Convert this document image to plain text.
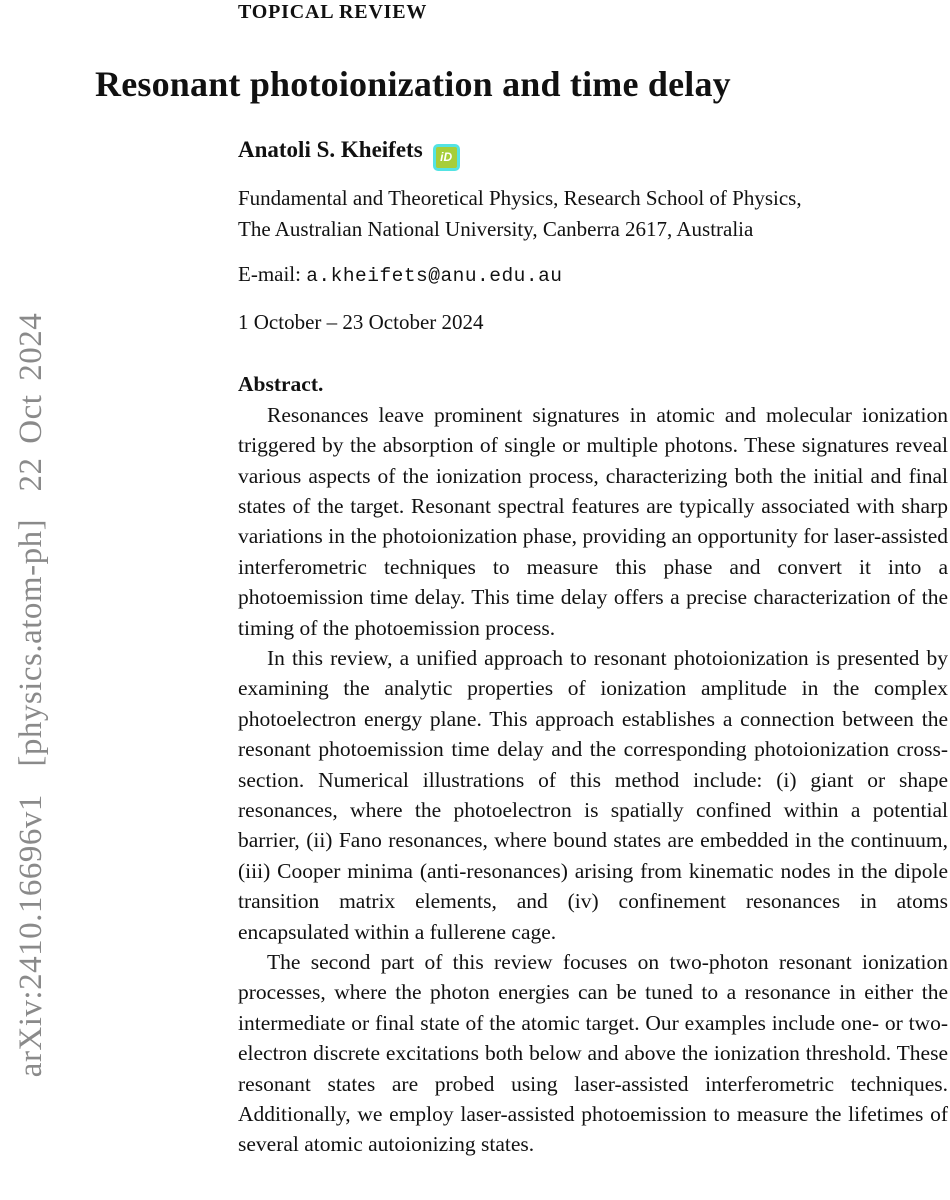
arXiv:2410.16696v1  [physics.atom-ph]  22 Oct 2024
TOPICAL REVIEW
Resonant photoionization and time delay
Anatoli S. Kheifets	iD
Fundamental and Theoretical Physics, Research School of Physics,
The Australian National University, Canberra 2617, Australia
E-mail: a.kheifets@anu.edu.au
1 October – 23 October 2024

Abstract.

Resonances leave prominent signatures in atomic and molecular ionization triggered by the absorption of single or multiple photons. These signatures reveal various aspects of the ionization process, characterizing both the initial and final states of the target. Resonant spectral features are typically associated with sharp variations in the photoionization phase, providing an opportunity for laser-assisted interferometric techniques to measure this phase and convert it into a photoemission time delay. This time delay offers a precise characterization of the timing of the photoemission process.

In this review, a unified approach to resonant photoionization is presented by examining the analytic properties of ionization amplitude in the complex photoelectron energy plane. This approach establishes a connection between the resonant photoemission time delay and the corresponding photoionization cross-section. Numerical illustrations of this method include: (i) giant or shape resonances, where the photoelectron is spatially confined within a potential barrier, (ii) Fano resonances, where bound states are embedded in the continuum, (iii) Cooper minima (anti-resonances) arising from kinematic nodes in the dipole transition matrix elements, and (iv) confinement resonances in atoms encapsulated within a fullerene cage.

The second part of this review focuses on two-photon resonant ionization processes, where the photon energies can be tuned to a resonance in either the intermediate or final state of the atomic target. Our examples include one- or two-electron discrete excitations both below and above the ionization threshold. These resonant states are probed using laser-assisted interferometric techniques. Additionally, we employ laser-assisted photoemission to measure the lifetimes of several atomic autoionizing states.
